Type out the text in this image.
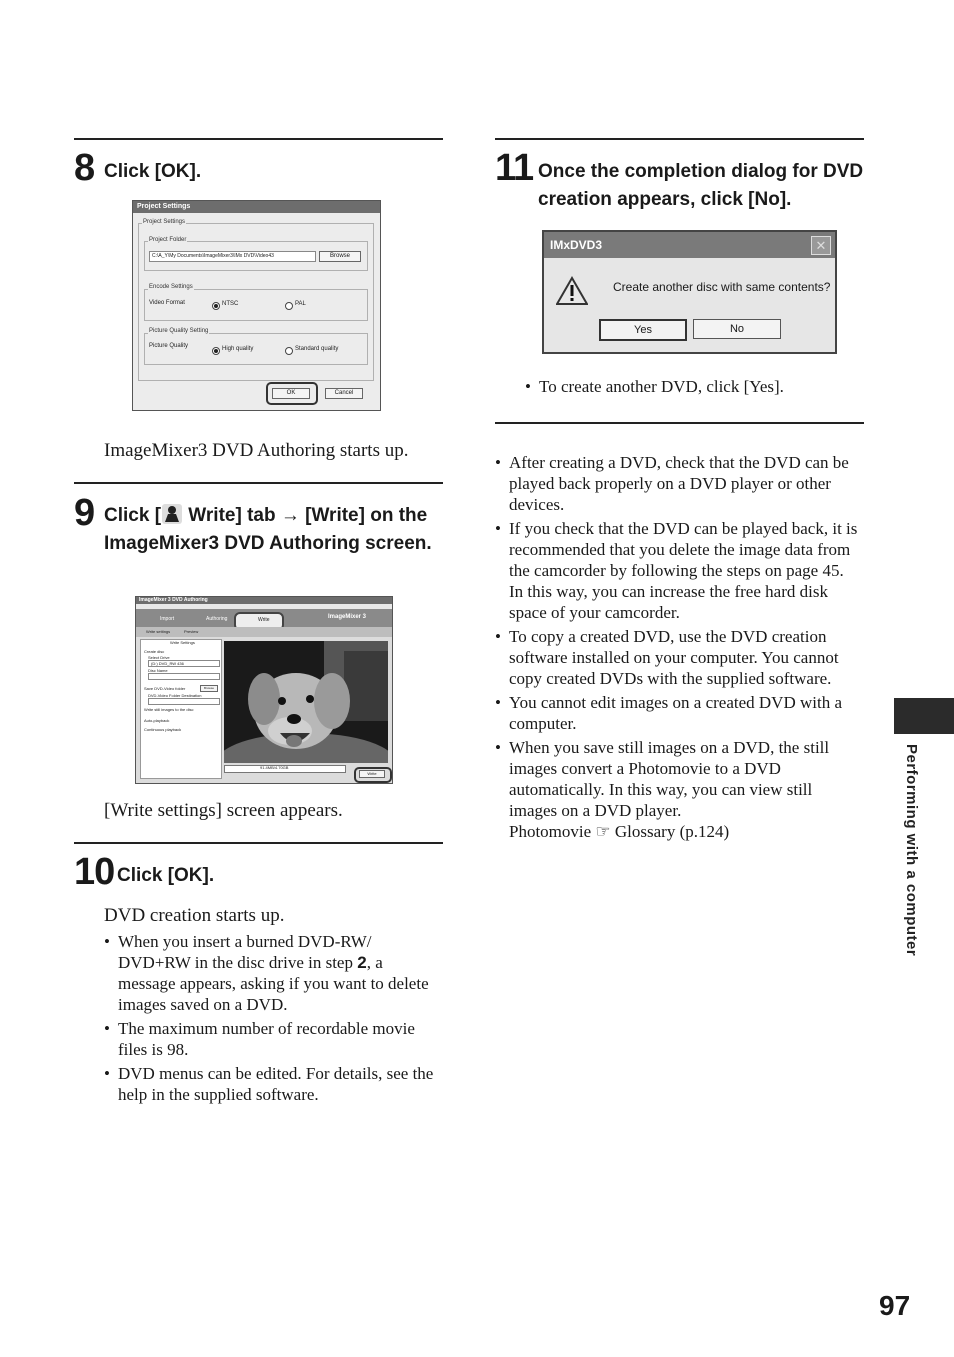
8 Click [OK].
Project Settings
Project Settings
Project Folder
C:\A_Y\My Documents\ImageMixer3\IMx DVD\Video43	Browse
Encode Settings
Video Format	NTSC	PAL
Picture Quality Setting
Picture Quality	High quality	Standard quality
OK	Cancel
ImageMixer3 DVD Authoring starts up.
9 Click [ Write] tab → [Write] on the ImageMixer3 DVD Authoring screen.
ImageMixer 3 DVD Authoring
Import	Authoring	Write	ImageMixer 3
Write settings	Preview
Write Settings
Create disc
Select Drive
(D:) DVD_RW 436
Disc Name
Save DVD-Video folder	Browse
DVD-Video Folder Destination
Write still images to the disc
Auto-playback
Continuous playback
91.4MB/4.70GB
Write
[Write settings] screen appears.
10 Click [OK].
DVD creation starts up.
• When you insert a burned DVD-RW/ DVD+RW in the disc drive in step 2, a message appears, asking if you want to delete images saved on a DVD.
• The maximum number of recordable movie files is 98.
• DVD menus can be edited. For details, see the help in the supplied software.
11 Once the completion dialog for DVD creation appears, click [No].
IMxDVD3	✕
Create another disc with same contents?
Yes	No
• To create another DVD, click [Yes].
• After creating a DVD, check that the DVD can be played back properly on a DVD player or other devices.
• If you check that the DVD can be played back, it is recommended that you delete the image data from the camcorder by following the steps on page 45. In this way, you can increase the free hard disk space of your camcorder.
• To copy a created DVD, use the DVD creation software installed on your computer. You cannot copy created DVDs with the supplied software.
• You cannot edit images on a created DVD with a computer.
• When you save still images on a DVD, the still images convert a Photomovie to a DVD automatically. In this way, you can view still images on a DVD player.
Photomovie ☞ Glossary (p.124)	Performing with a computer
97
